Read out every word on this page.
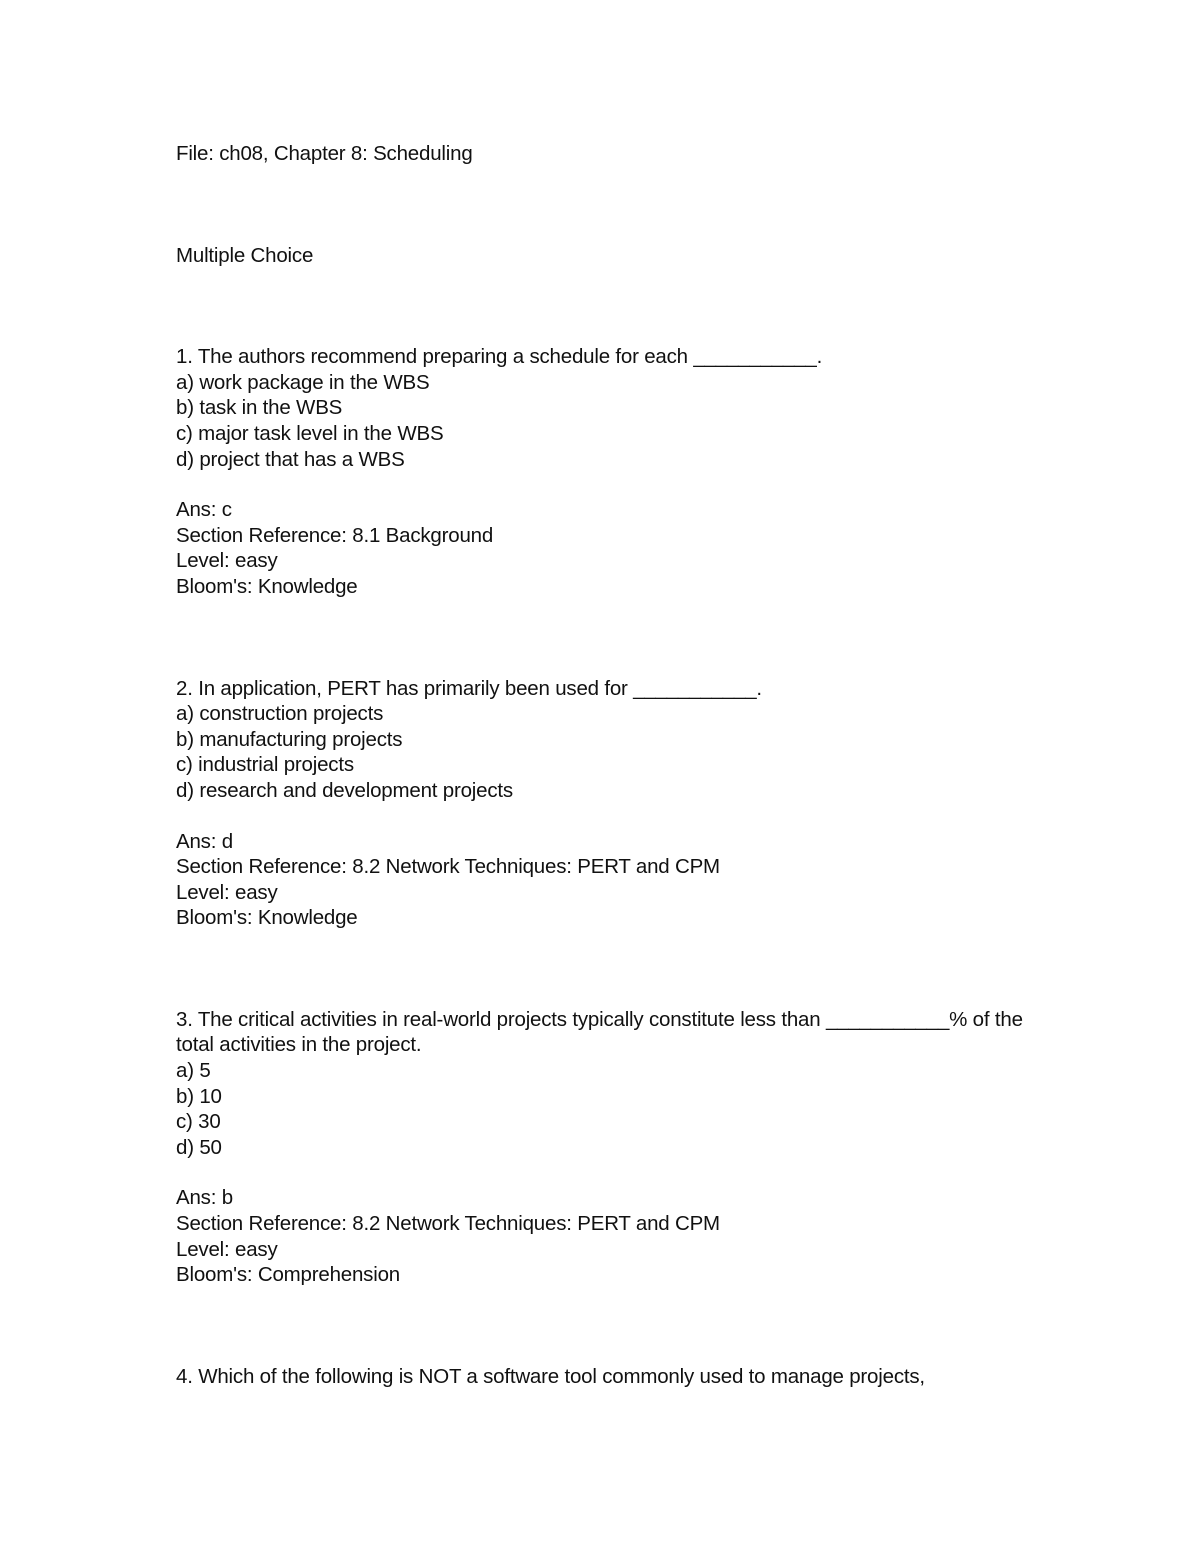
File: ch08, Chapter 8: Scheduling
Multiple Choice
1. The authors recommend preparing a schedule for each ___________.
a) work package in the WBS
b) task in the WBS
c) major task level in the WBS
d) project that has a WBS
Ans: c
Section Reference: 8.1 Background
Level: easy
Bloom's: Knowledge
2. In application, PERT has primarily been used for ___________.
a) construction projects
b) manufacturing projects
c) industrial projects
d) research and development projects
Ans: d
Section Reference: 8.2 Network Techniques: PERT and CPM
Level: easy
Bloom's: Knowledge
3. The critical activities in real-world projects typically constitute less than ___________% of the total activities in the project.
a) 5
b) 10
c) 30
d) 50
Ans: b
Section Reference: 8.2 Network Techniques: PERT and CPM
Level: easy
Bloom's: Comprehension
4. Which of the following is NOT a software tool commonly used to manage projects,
